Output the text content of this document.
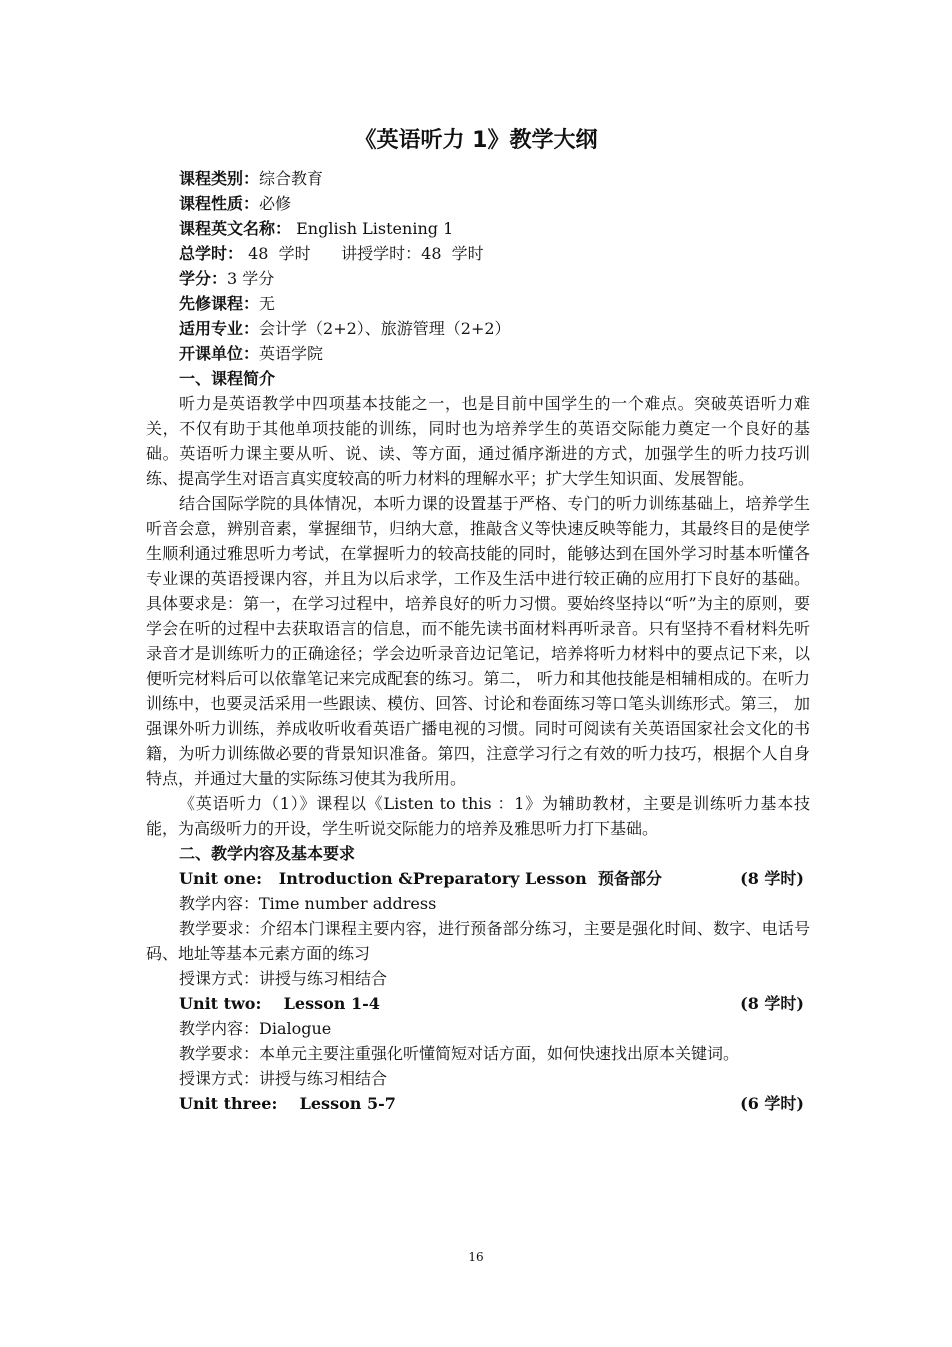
《英语听力 1》教学大纲

课程类别：综合教育

课程性质：必修

课程英文名称： English Listening 1

总学时： 48  学时      讲授学时：48  学时

学分：3 学分

先修课程：无

适用专业：会计学（2+2）、旅游管理（2+2）

开课单位：英语学院

一、课程简介

听力是英语教学中四项基本技能之一，也是目前中国学生的一个难点。突破英语听力难关，不仅有助于其他单项技能的训练，同时也为培养学生的英语交际能力奠定一个良好的基础。英语听力课主要从听、说、读、等方面，通过循序渐进的方式，加强学生的听力技巧训练、提高学生对语言真实度较高的听力材料的理解水平；扩大学生知识面、发展智能。

结合国际学院的具体情况，本听力课的设置基于严格、专门的听力训练基础上，培养学生听音会意，辨别音素，掌握细节，归纳大意，推敲含义等快速反映等能力，其最终目的是使学生顺利通过雅思听力考试，在掌握听力的较高技能的同时，能够达到在国外学习时基本听懂各专业课的英语授课内容，并且为以后求学，工作及生活中进行较正确的应用打下良好的基础。具体要求是：第一，在学习过程中，培养良好的听力习惯。要始终坚持以“听”为主的原则，要学会在听的过程中去获取语言的信息，而不能先读书面材料再听录音。只有坚持不看材料先听录音才是训练听力的正确途径；学会边听录音边记笔记，培养将听力材料中的要点记下来，以便听完材料后可以依靠笔记来完成配套的练习。第二， 听力和其他技能是相辅相成的。在听力训练中，也要灵活采用一些跟读、模仿、回答、讨论和卷面练习等口笔头训练形式。第三， 加强课外听力训练，养成收听收看英语广播电视的习惯。同时可阅读有关英语国家社会文化的书籍，为听力训练做必要的背景知识准备。第四，注意学习行之有效的听力技巧，根据个人自身特点，并通过大量的实际练习使其为我所用。

《英语听力（1）》课程以《Listen to this ：1》为辅助教材，主要是训练听力基本技能，为高级听力的开设，学生听说交际能力的培养及雅思听力打下基础。

二、教学内容及基本要求

Unit one:   Introduction &Preparatory Lesson  预备部分	(8 学时)

教学内容：Time number address

教学要求：介绍本门课程主要内容，进行预备部分练习，主要是强化时间、数字、电话号码、地址等基本元素方面的练习

授课方式：讲授与练习相结合

Unit two:    Lesson 1-4	(8 学时)

教学内容：Dialogue

教学要求：本单元主要注重强化听懂简短对话方面，如何快速找出原本关键词。

授课方式：讲授与练习相结合

Unit three:    Lesson 5-7	(6 学时)

16
